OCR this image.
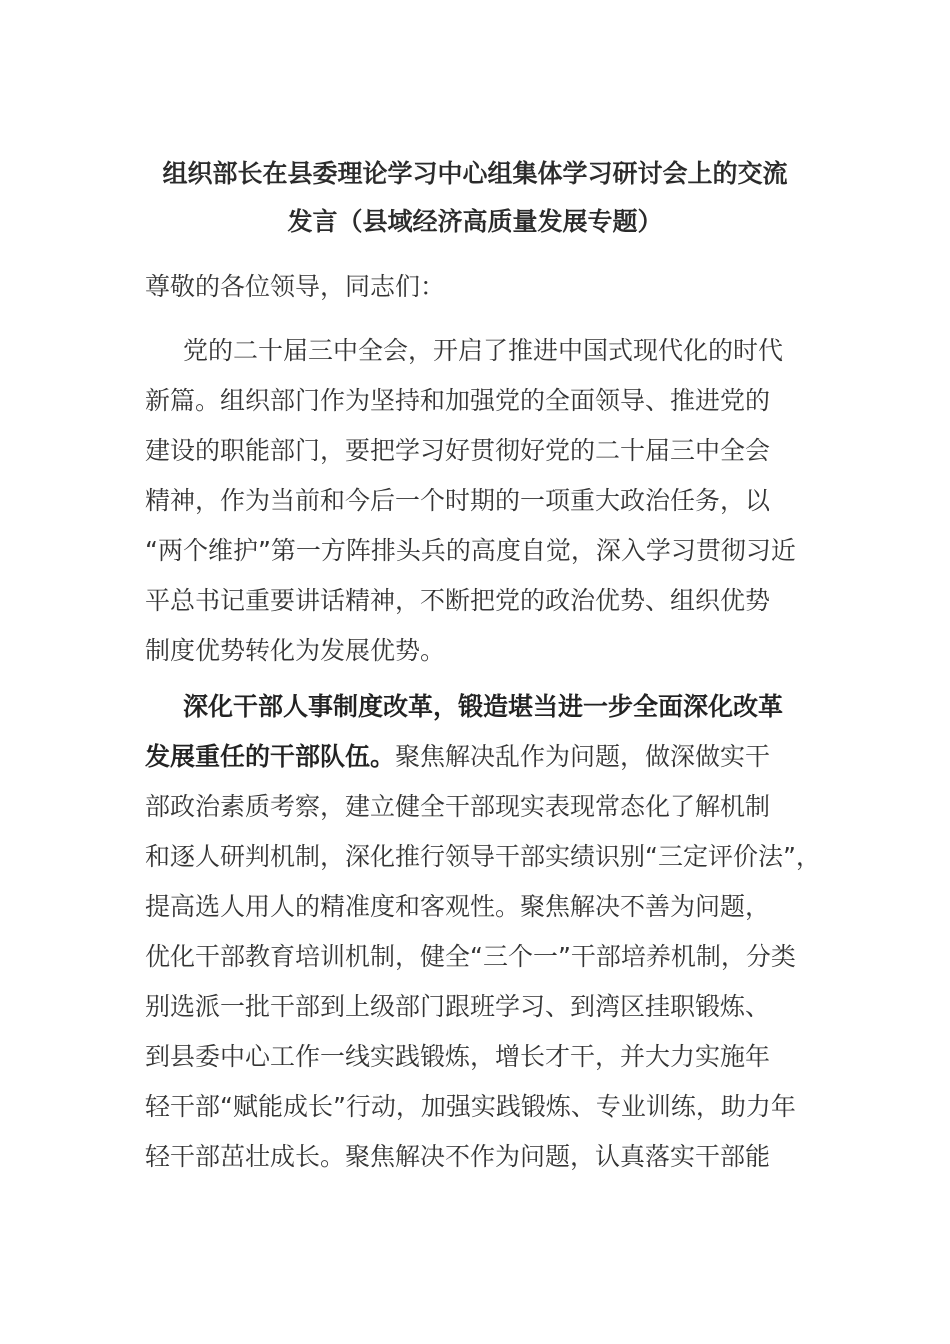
组织部长在县委理论学习中心组集体学习研讨会上的交流
发言（县域经济高质量发展专题）
尊敬的各位领导，同志们：
党的二十届三中全会，开启了推进中国式现代化的时代
新篇。组织部门作为坚持和加强党的全面领导、推进党的
建设的职能部门，要把学习好贯彻好党的二十届三中全会
精神，作为当前和今后一个时期的一项重大政治任务，以
“两个维护”第一方阵排头兵的高度自觉，深入学习贯彻习近
平总书记重要讲话精神，不断把党的政治优势、组织优势
制度优势转化为发展优势。
深化干部人事制度改革，锻造堪当进一步全面深化改革
发展重任的干部队伍。聚焦解决乱作为问题，做深做实干
部政治素质考察，建立健全干部现实表现常态化了解机制
和逐人研判机制，深化推行领导干部实绩识别“三定评价法”，
提高选人用人的精准度和客观性。聚焦解决不善为问题，
优化干部教育培训机制，健全“三个一”干部培养机制，分类
别选派一批干部到上级部门跟班学习、到湾区挂职锻炼、
到县委中心工作一线实践锻炼，增长才干，并大力实施年
轻干部“赋能成长”行动，加强实践锻炼、专业训练，助力年
轻干部茁壮成长。聚焦解决不作为问题，认真落实干部能
